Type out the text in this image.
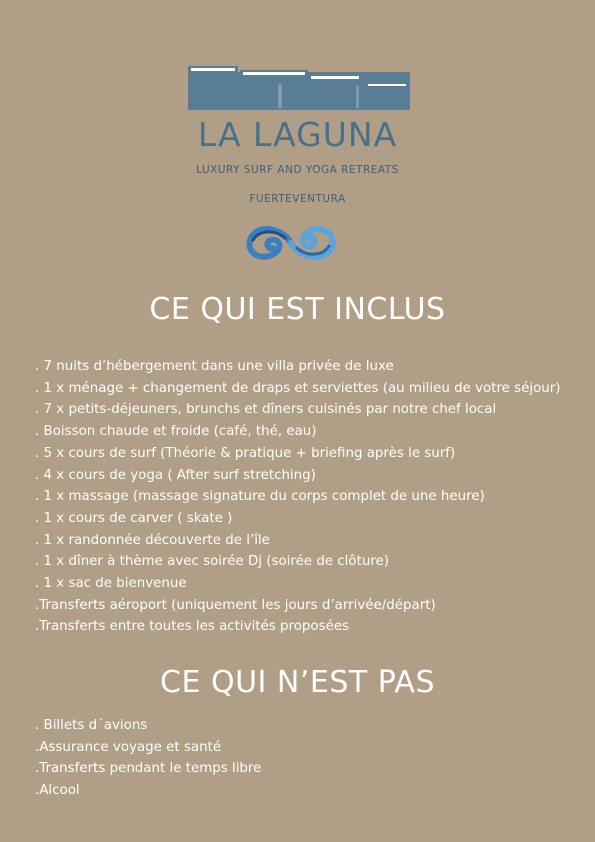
LA LAGUNA
LUXURY SURF AND YOGA RETREATS
FUERTEVENTURA
CE QUI EST INCLUS
. 7 nuits d’hébergement dans une villa privée de luxe
. 1 x ménage + changement de draps et serviettes (au milieu de votre séjour)
. 7 x petits-déjeuners, brunchs et dîners cuisinés par notre chef local
. Boisson chaude et froide (café, thé, eau)
. 5 x cours de surf (Théorie & pratique + briefing après le surf)
. 4 x cours de yoga ( After surf stretching)
. 1 x massage (massage signature du corps complet de une heure)
. 1 x cours de carver ( skate )
. 1 x randonnée découverte de l’île
. 1 x dîner à thème avec soirée Dj (soirée de clôture)
. 1 x sac de bienvenue
.Transferts aéroport (uniquement les jours d’arrivée/départ)
.Transferts entre toutes les activités proposées
CE QUI N’EST PAS
. Billets d´avions
.Assurance voyage et santé
.Transferts pendant le temps libre
.Alcool
